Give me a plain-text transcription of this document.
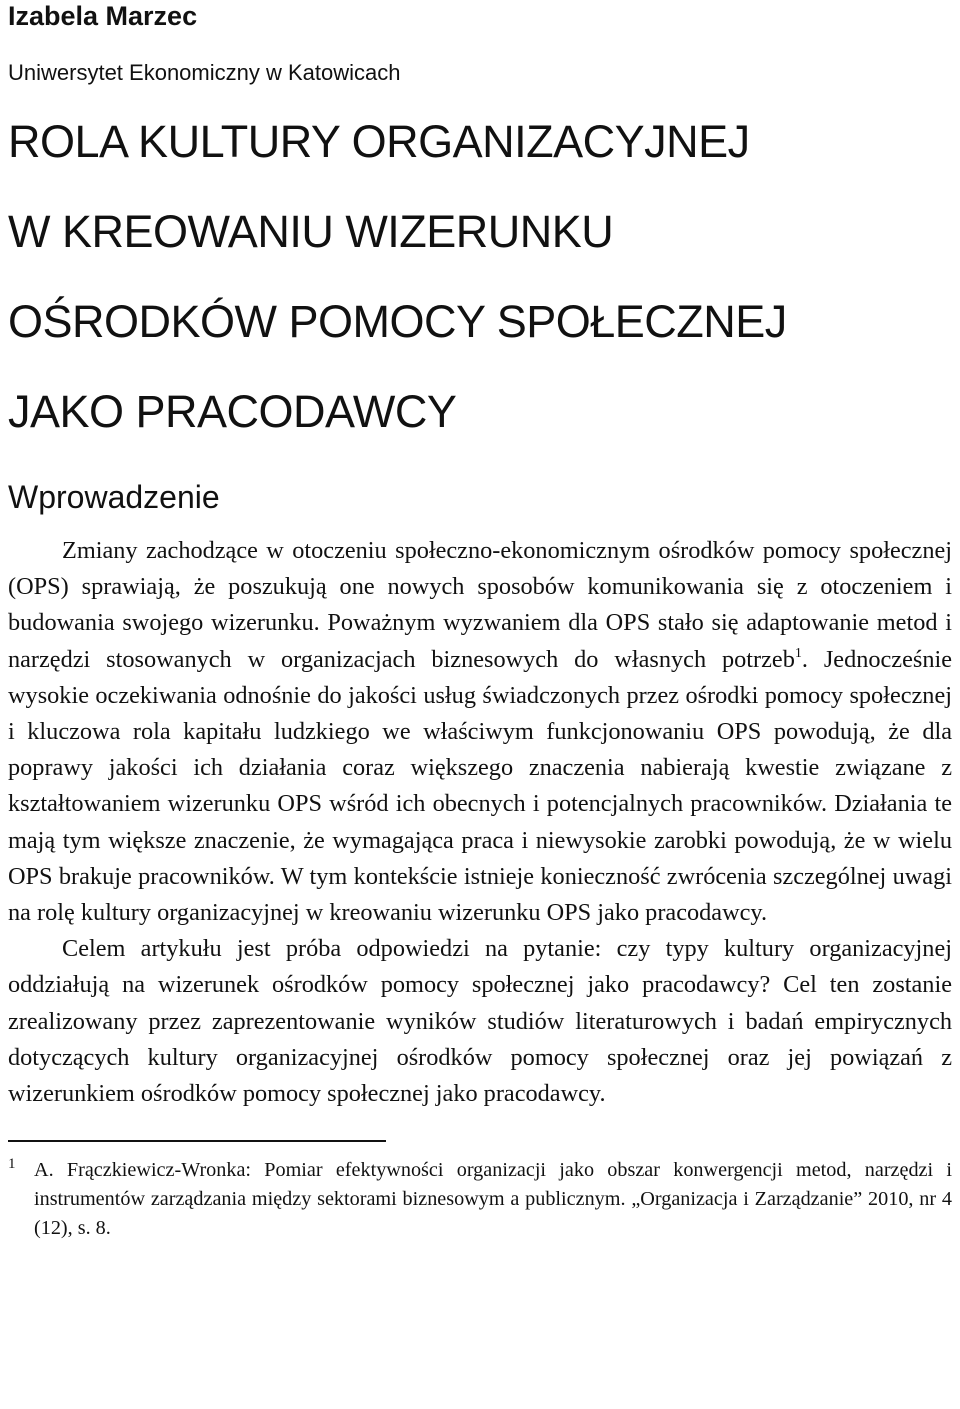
Izabela Marzec
Uniwersytet Ekonomiczny w Katowicach
ROLA KULTURY ORGANIZACYJNEJ
W KREOWANIU WIZERUNKU
OŚRODKÓW POMOCY SPOŁECZNEJ
JAKO PRACODAWCY
Wprowadzenie

Zmiany zachodzące w otoczeniu społeczno-ekonomicznym ośrodków pomocy społecznej (OPS) sprawiają, że poszukują one nowych sposobów komunikowania się z otoczeniem i budowania swojego wizerunku. Poważnym wyzwaniem dla OPS stało się adaptowanie metod i narzędzi stosowanych w organizacjach biznesowych do własnych potrzeb$^1$. Jednocześnie wysokie oczekiwania odnośnie do jakości usług świadczonych przez ośrodki pomocy społecznej i kluczowa rola kapitału ludzkiego we właściwym funkcjonowaniu OPS powodują, że dla poprawy jakości ich działania coraz większego znaczenia nabierają kwestie związane z kształtowaniem wizerunku OPS wśród ich obecnych i potencjalnych pracowników. Działania te mają tym większe znaczenie, że wymagająca praca i niewysokie zarobki powodują, że w wielu OPS brakuje pracowników. W tym kontekście istnieje konieczność zwrócenia szczególnej uwagi na rolę kultury organizacyjnej w kreowaniu wizerunku OPS jako pracodawcy.

Celem artykułu jest próba odpowiedzi na pytanie: czy typy kultury organizacyjnej oddziałują na wizerunek ośrodków pomocy społecznej jako pracodawcy? Cel ten zostanie zrealizowany przez zaprezentowanie wyników studiów literaturowych i badań empirycznych dotyczących kultury organizacyjnej ośrodków pomocy społecznej oraz jej powiązań z wizerunkiem ośrodków pomocy społecznej jako pracodawcy.

1 A. Frączkiewicz-Wronka: Pomiar efektywności organizacji jako obszar konwergencji metod, narzędzi i instrumentów zarządzania między sektorami biznesowym a publicznym. „Organizacja i Zarządzanie” 2010, nr 4 (12), s. 8.
